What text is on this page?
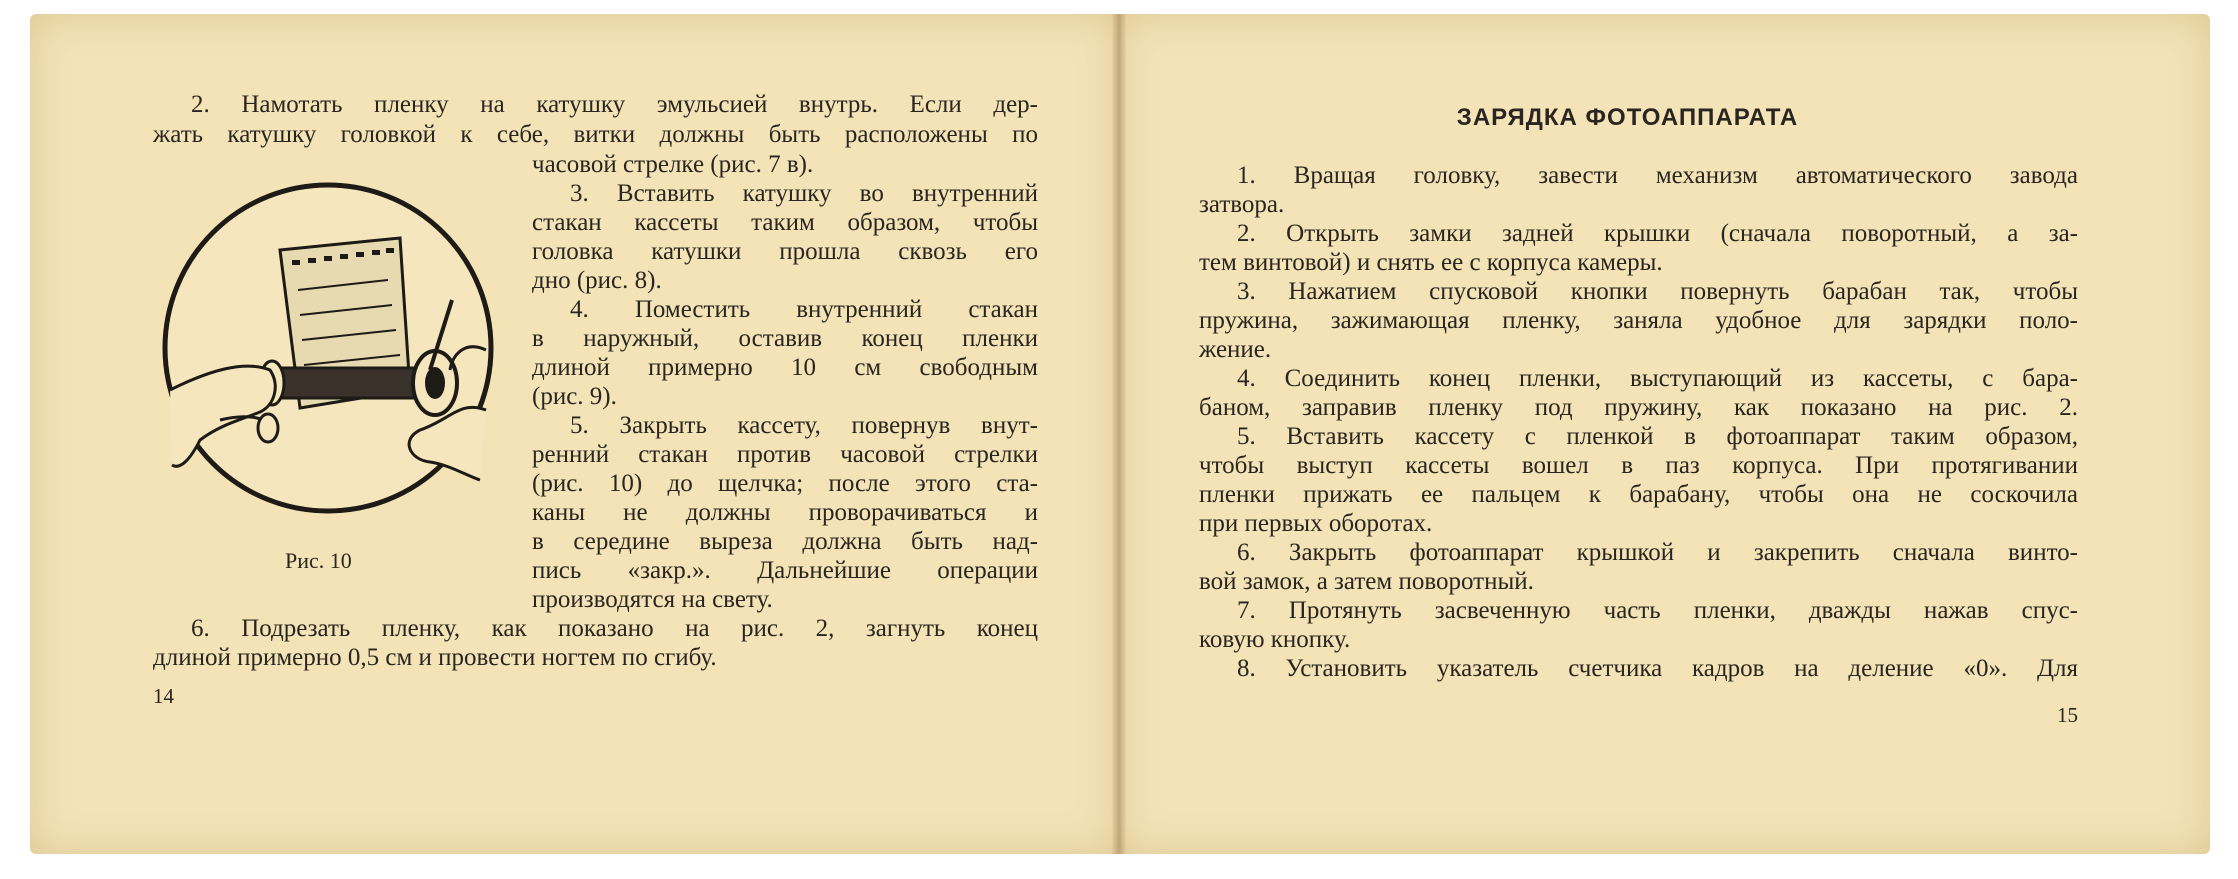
2. Намотать пленку на катушку эмульсией внутрь. Если дер-
жать катушку головкой к себе, витки должны быть расположены по
часовой стрелке (рис. 7 в).
3. Вставить катушку во внутренний
стакан кассеты таким образом, чтобы
головка катушки прошла сквозь его
дно (рис. 8).
4. Поместить внутренний стакан
в наружный, оставив конец пленки
длиной примерно 10 см свободным
(рис. 9).
5. Закрыть кассету, повернув внут-
ренний стакан против часовой стрелки
(рис. 10) до щелчка; после этого ста-
каны не должны проворачиваться и
в середине выреза должна быть над-
пись «закр.». Дальнейшие операции
производятся на свету.
6. Подрезать пленку, как показано на рис. 2, загнуть конец
длиной примерно 0,5 см и провести ногтем по сгибу.
Рис. 10
14
ЗАРЯДКА ФОТОАППАРАТА
1. Вращая головку, завести механизм автоматического завода
затвора.
2. Открыть замки задней крышки (сначала поворотный, а за-
тем винтовой) и снять ее с корпуса камеры.
3. Нажатием спусковой кнопки повернуть барабан так, чтобы
пружина, зажимающая пленку, заняла удобное для зарядки поло-
жение.
4. Соединить конец пленки, выступающий из кассеты, с бара-
баном, заправив пленку под пружину, как показано на рис. 2.
5. Вставить кассету с пленкой в фотоаппарат таким образом,
чтобы выступ кассеты вошел в паз корпуса. При протягивании
пленки прижать ее пальцем к барабану, чтобы она не соскочила
при первых оборотах.
6. Закрыть фотоаппарат крышкой и закрепить сначала винто-
вой замок, а затем поворотный.
7. Протянуть засвеченную часть пленки, дважды нажав спус-
ковую кнопку.
8. Установить указатель счетчика кадров на деление «0». Для
15
